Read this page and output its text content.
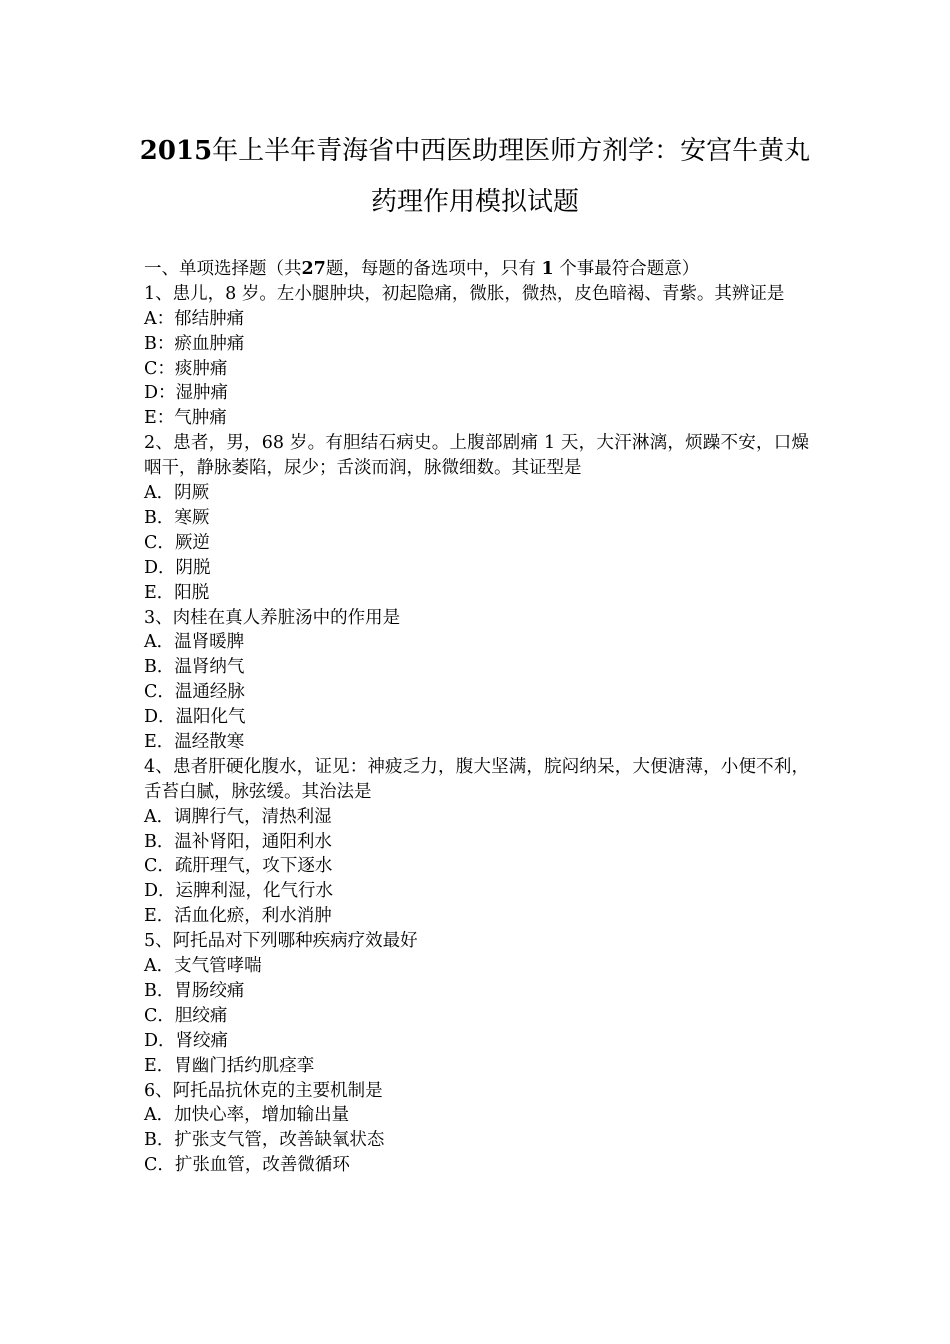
2015年上半年青海省中西医助理医师方剂学：安宫牛黄丸
药理作用模拟试题
一、单项选择题（共27题，每题的备选项中，只有 1 个事最符合题意）
1、患儿，8 岁。左小腿肿块，初起隐痛，微胀，微热，皮色暗褐、青紫。其辨证是
A：郁结肿痛
B：瘀血肿痛
C：痰肿痛
D：湿肿痛
E：气肿痛
2、患者，男，68 岁。有胆结石病史。上腹部剧痛 1 天，大汗淋漓，烦躁不安，口燥咽干，静脉萎陷，尿少；舌淡而润，脉微细数。其证型是
A．阴厥
B．寒厥
C．厥逆
D．阴脱
E．阳脱
3、肉桂在真人养脏汤中的作用是
A．温肾暖脾
B．温肾纳气
C．温通经脉
D．温阳化气
E．温经散寒
4、患者肝硬化腹水，证见：神疲乏力，腹大坚满，脘闷纳呆，大便溏薄，小便不利，舌苔白腻，脉弦缓。其治法是
A．调脾行气，清热利湿
B．温补肾阳，通阳利水
C．疏肝理气，攻下逐水
D．运脾利湿，化气行水
E．活血化瘀，利水消肿
5、阿托品对下列哪种疾病疗效最好
A．支气管哮喘
B．胃肠绞痛
C．胆绞痛
D．肾绞痛
E．胃幽门括约肌痉挛
6、阿托品抗休克的主要机制是
A．加快心率，增加输出量
B．扩张支气管，改善缺氧状态
C．扩张血管，改善微循环
